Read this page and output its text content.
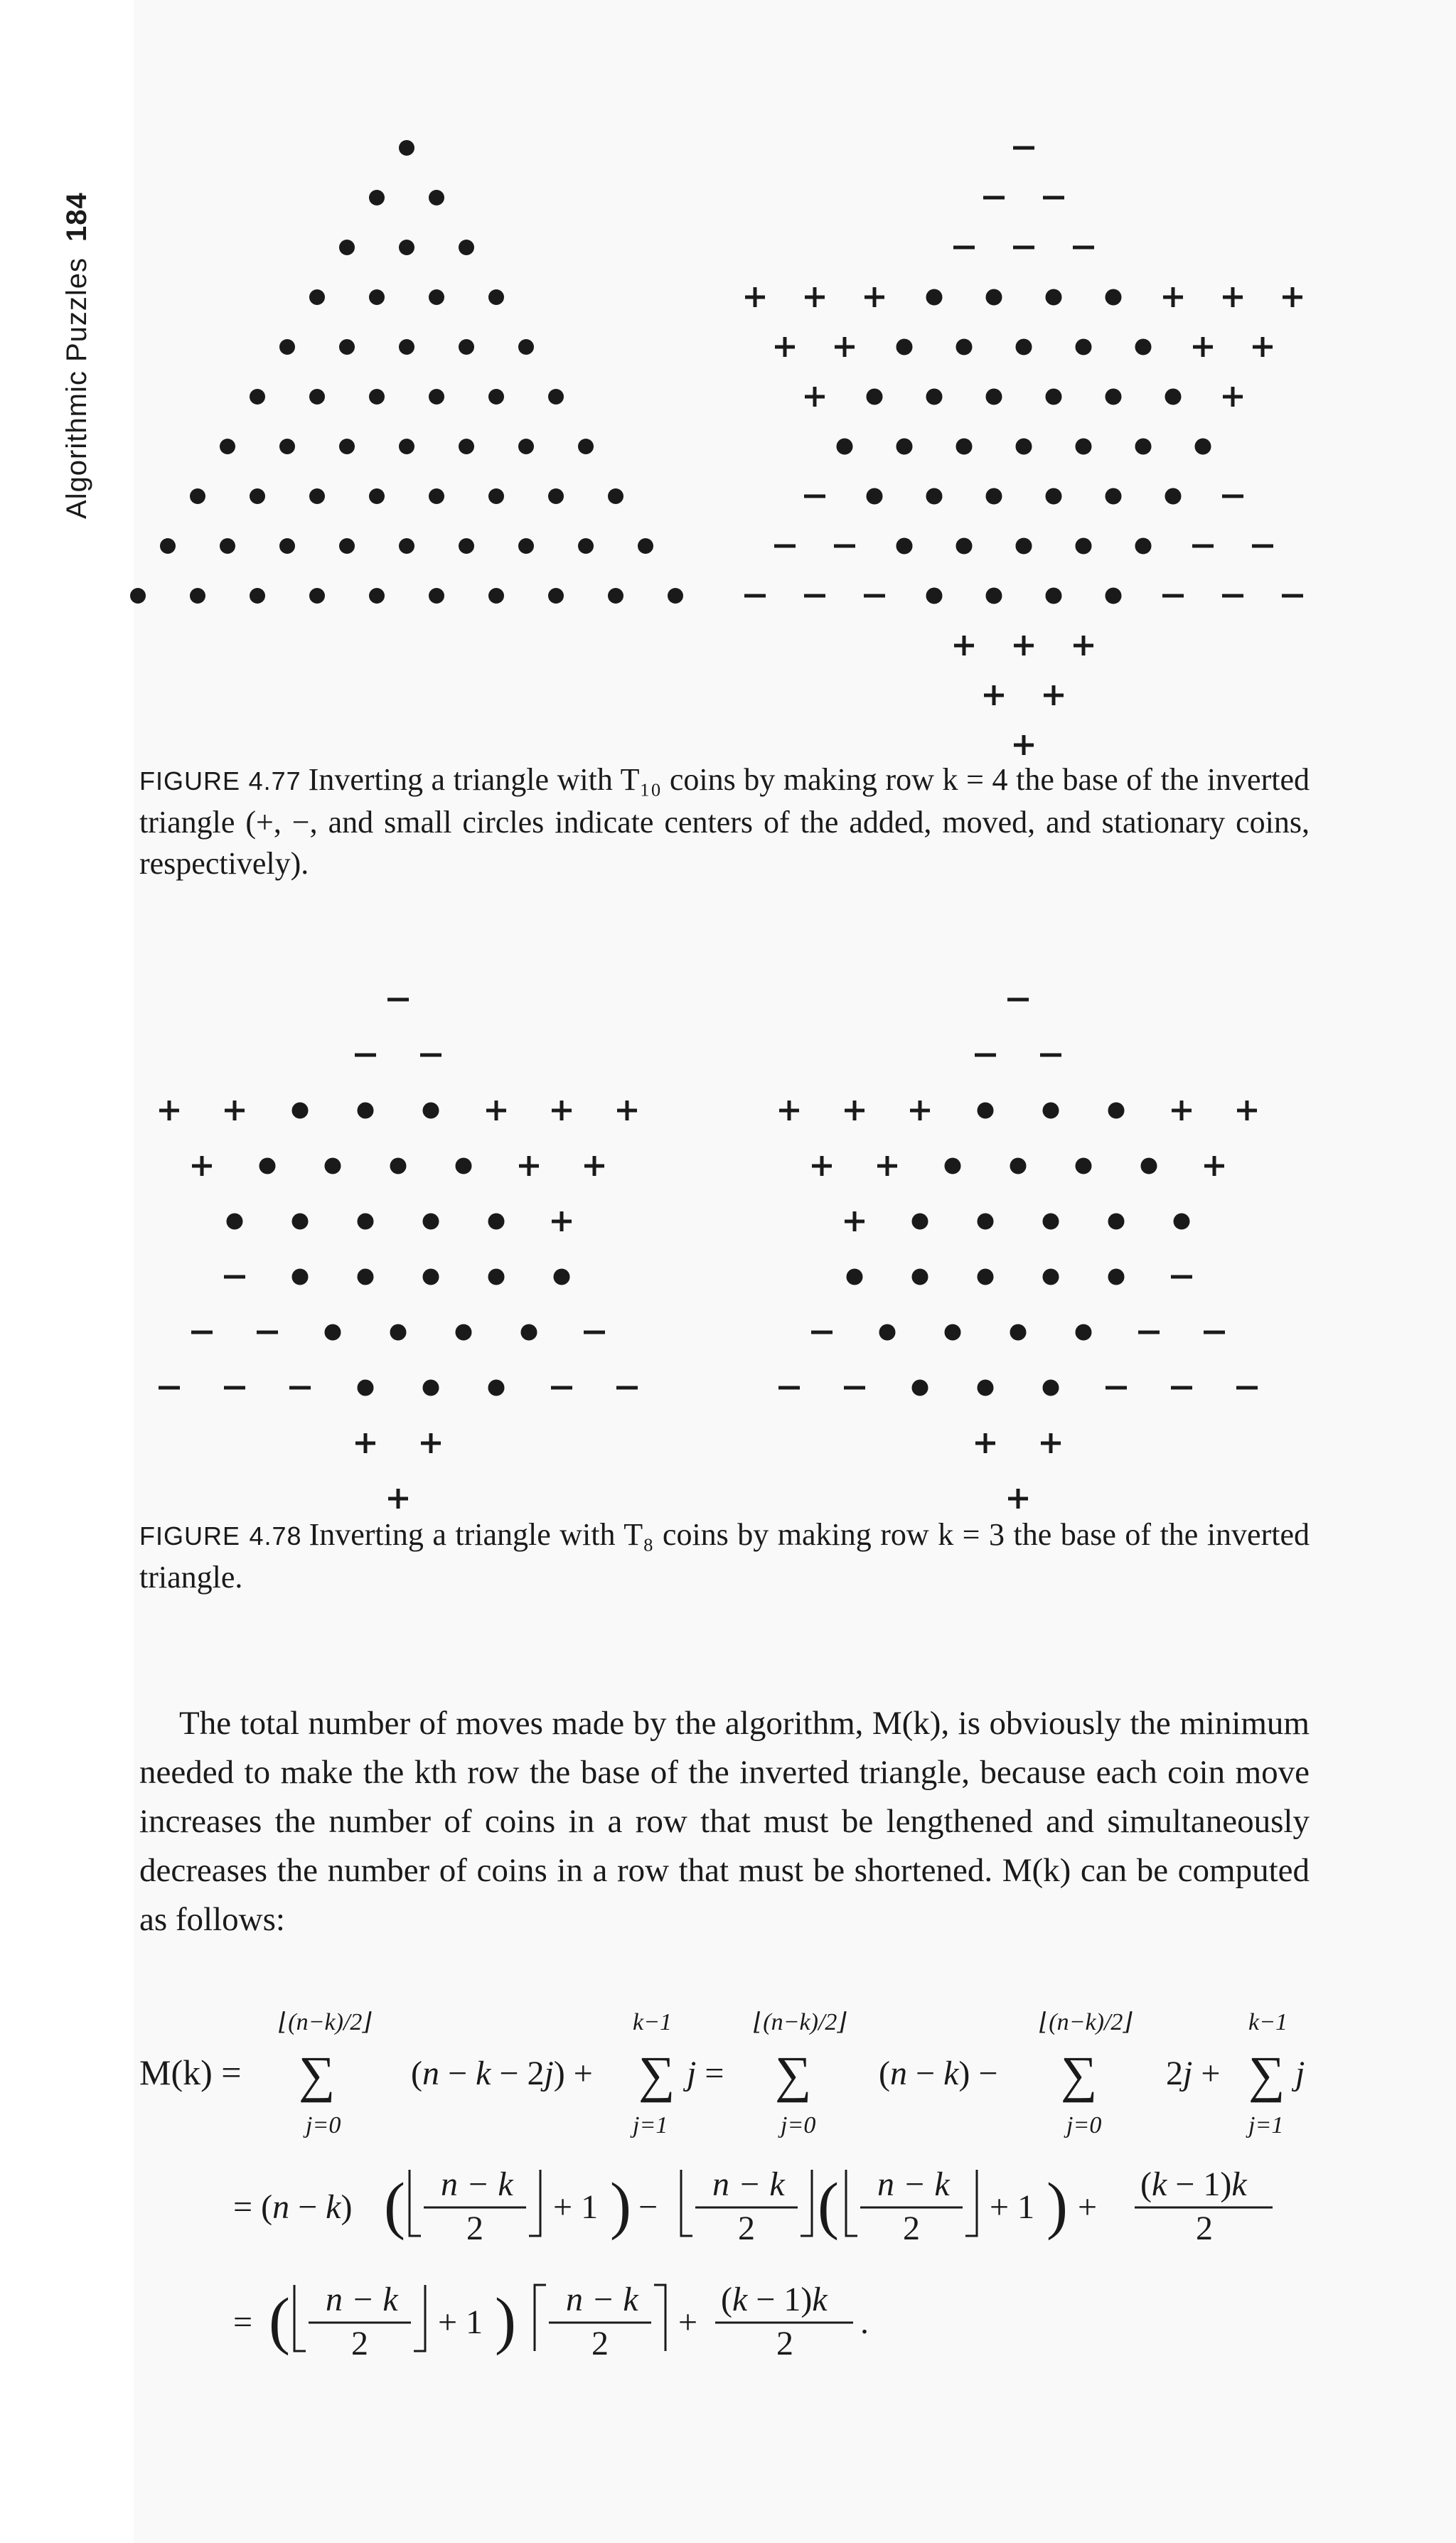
Algorithmic Puzzles184
FIGURE 4.77 Inverting a triangle with T₁₀ coins by making row k = 4 the base of the inverted triangle (+, −, and small circles indicate centers of the added, moved, and stationary coins, respectively).
FIGURE 4.78 Inverting a triangle with T₈ coins by making row k = 3 the base of the inverted triangle.

The total number of moves made by the algorithm, M(k), is obviously the minimum needed to make the kth row the base of the inverted triangle, because each coin move increases the number of coins in a row that must be lengthened and simultaneously decreases the number of coins in a row that must be shortened. M(k) can be computed as follows:

M(k) =
⌊(n−k)/2⌋
∑
j=0
(n − k − 2j) +
k−1
∑
j=1
j =
⌊(n−k)/2⌋
∑
j=0
(n − k) −
⌊(n−k)/2⌋
∑
j=0
2j +
k−1
∑
j=1
j
= (n − k) ( n − k
2
+ 1 ) −
n − k
2 ( n − k
2
+ 1 ) +
(k − 1)k
2
= ( n − k
2
+ 1 ) n − k
2
+
(k − 1)k
2
.
